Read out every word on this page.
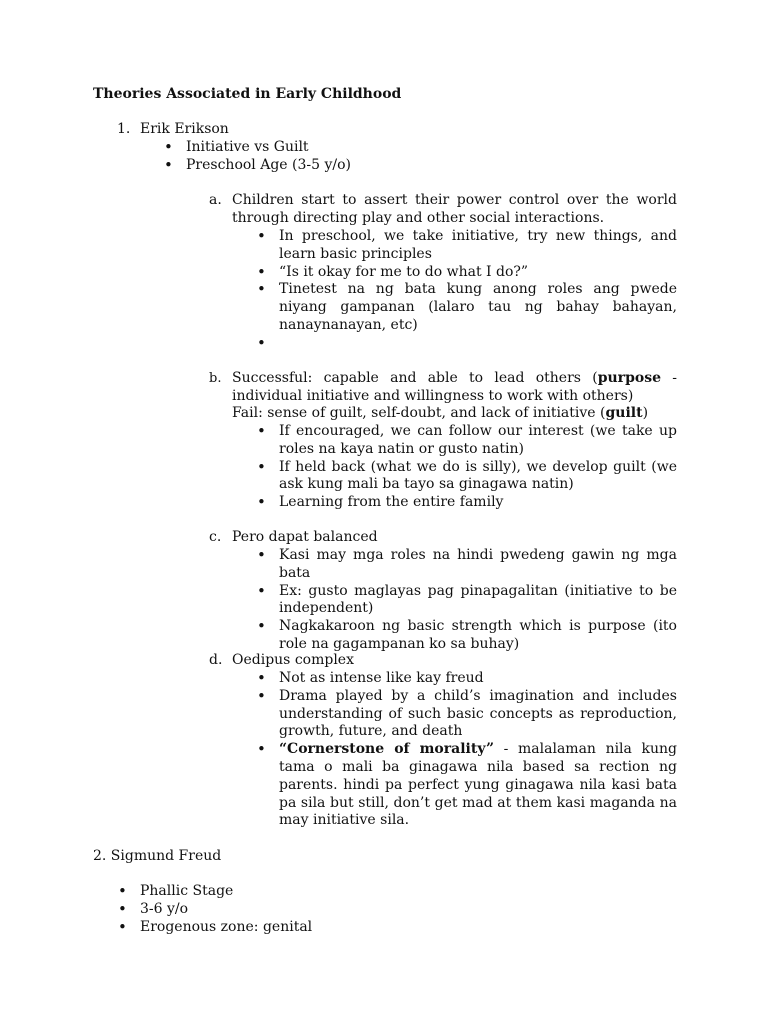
Theories Associated in Early Childhood
1. Erik Erikson
• Initiative vs Guilt
• Preschool Age (3-5 y/o)
a. Children start to assert their power control over the world through directing play and other social interactions.
• In preschool, we take initiative, try new things, and learn basic principles
• “Is it okay for me to do what I do?”
• Tinetest na ng bata kung anong roles ang pwede niyang gampanan (lalaro tau ng bahay bahayan, nanaynanayan, etc)
•
b. Successful: capable and able to lead others (purpose - individual initiative and willingness to work with others)
Fail: sense of guilt, self-doubt, and lack of initiative (guilt)
• If encouraged, we can follow our interest (we take up roles na kaya natin or gusto natin)
• If held back (what we do is silly), we develop guilt (we ask kung mali ba tayo sa ginagawa natin)
• Learning from the entire family
c. Pero dapat balanced
• Kasi may mga roles na hindi pwedeng gawin ng mga bata
• Ex: gusto maglayas pag pinapagalitan (initiative to be independent)
• Nagkakaroon ng basic strength which is purpose (ito role na gagampanan ko sa buhay)
d. Oedipus complex
• Not as intense like kay freud
• Drama played by a child’s imagination and includes understanding of such basic concepts as reproduction, growth, future, and death
• “Cornerstone of morality” - malalaman nila kung tama o mali ba ginagawa nila based sa rection ng parents. hindi pa perfect yung ginagawa nila kasi bata pa sila but still, don’t get mad at them kasi maganda na may initiative sila.
2. Sigmund Freud
• Phallic Stage
• 3-6 y/o
• Erogenous zone: genital
